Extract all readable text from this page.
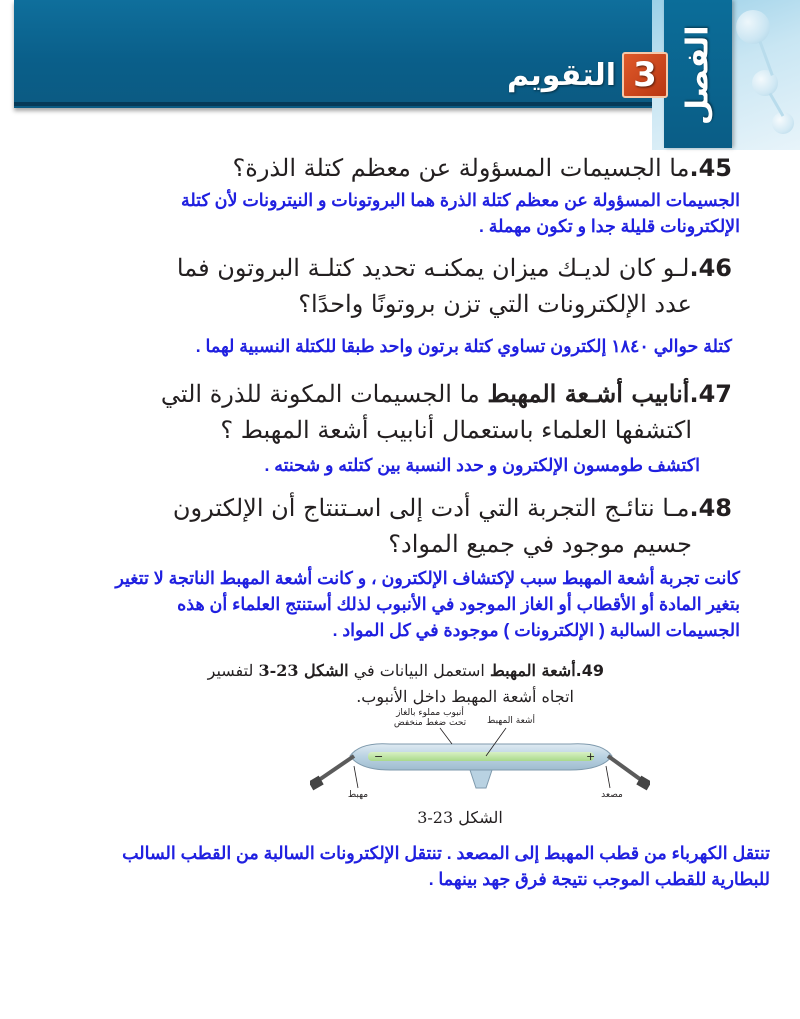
الفصل
3
التقويم
45.ما الجسيمات المسؤولة عن معظم كتلة الذرة؟
الجسيمات المسؤولة عن معظم كتلة الذرة هما البروتونات و النيترونات لأن كتلة
الإلكترونات قليلة جدا و تكون مهملة .
46.لـو كان لديـك ميزان يمكنـه تحديد كتلـة البروتون فما
عدد الإلكترونات التي تزن بروتونًا واحدًا؟
كتلة حوالي ١٨٤٠ إلكترون تساوي كتلة برتون واحد طبقا للكتلة النسبية لهما .
47.أنابيب أشـعة المهبط ما الجسيمات المكونة للذرة التي
اكتشفها العلماء باستعمال أنابيب أشعة المهبط ؟
اكتشف طومسون الإلكترون و حدد النسبة بين كتلته و شحنته .
48.مـا نتائـج التجربة التي أدت إلى اسـتنتاج أن الإلكترون
جسيم موجود في جميع المواد؟
كانت تجربة أشعة المهبط سبب لإكتشاف الإلكترون ، و كانت أشعة المهبط الناتجة لا تتغير
بتغير المادة أو الأقطاب أو الغاز الموجود في الأنبوب لذلك أستنتج العلماء أن هذه
الجسيمات السالبة ( الإلكترونات ) موجودة في كل المواد .
49.أشعة المهبط استعمل البيانات في الشكل 23-3 لتفسير
اتجاه أشعة المهبط داخل الأنبوب.
−	+
أنبوب مملوء بالغاز
تحت ضغط منخفض	أشعة المهبط
مهبط	مصعد
الشكل 23-3
تنتقل الكهرباء من قطب المهبط إلى المصعد . تنتقل الإلكترونات السالبة من القطب السالب
للبطارية للقطب الموجب نتيجة فرق جهد بينهما .
